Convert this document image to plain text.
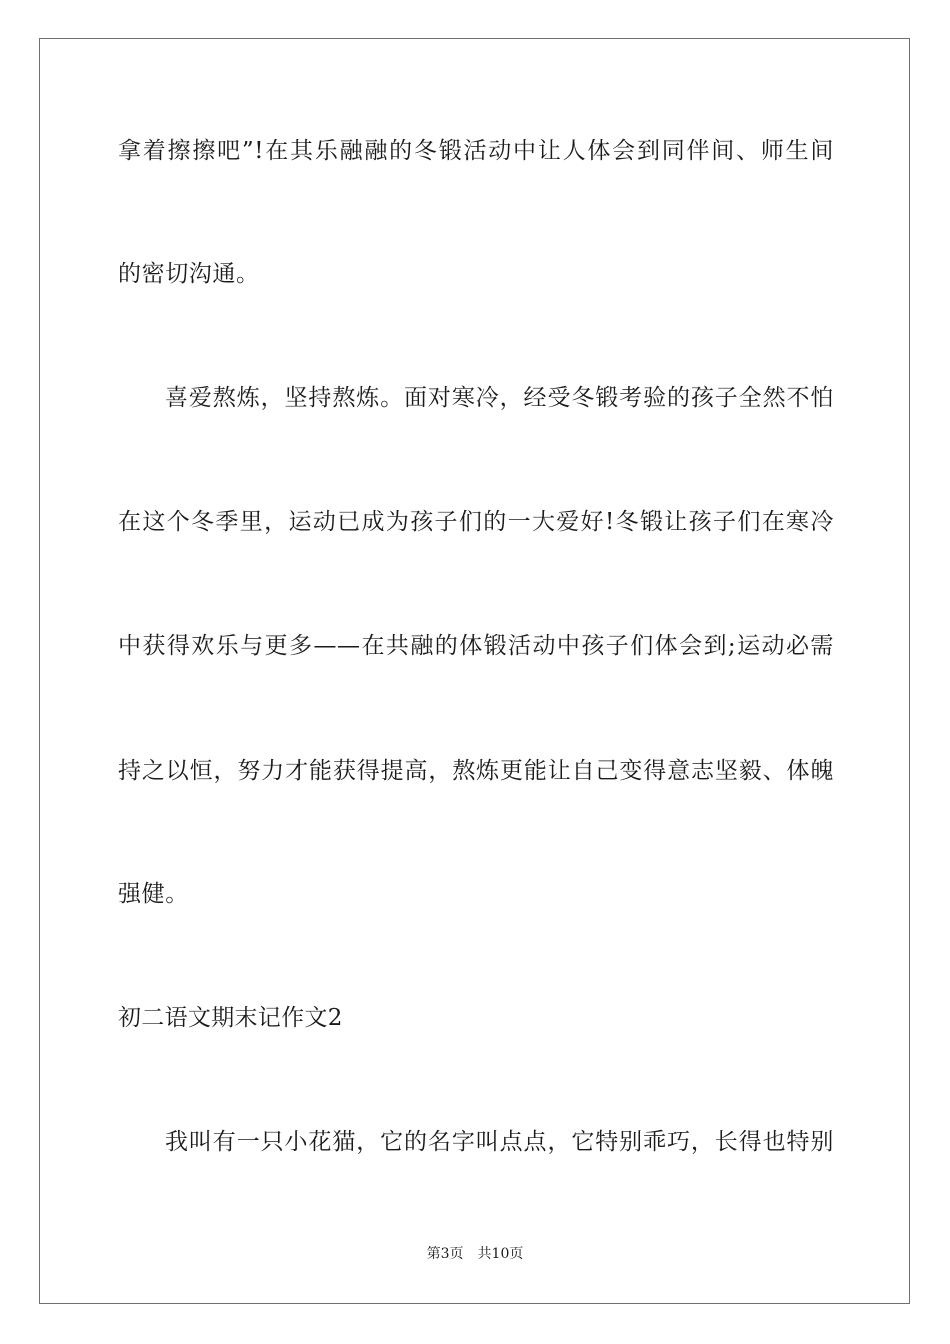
拿着擦擦吧”!在其乐融融的冬锻活动中让人体会到同伴间、师生间
的密切沟通。
喜爱熬炼，坚持熬炼。面对寒冷，经受冬锻考验的孩子全然不怕
在这个冬季里，运动已成为孩子们的一大爱好!冬锻让孩子们在寒冷
中获得欢乐与更多——在共融的体锻活动中孩子们体会到;运动必需
持之以恒，努力才能获得提高，熬炼更能让自己变得意志坚毅、体魄
强健。
初二语文期末记作文2
我叫有一只小花猫，它的名字叫点点，它特别乖巧，长得也特别
第3页 共10页
